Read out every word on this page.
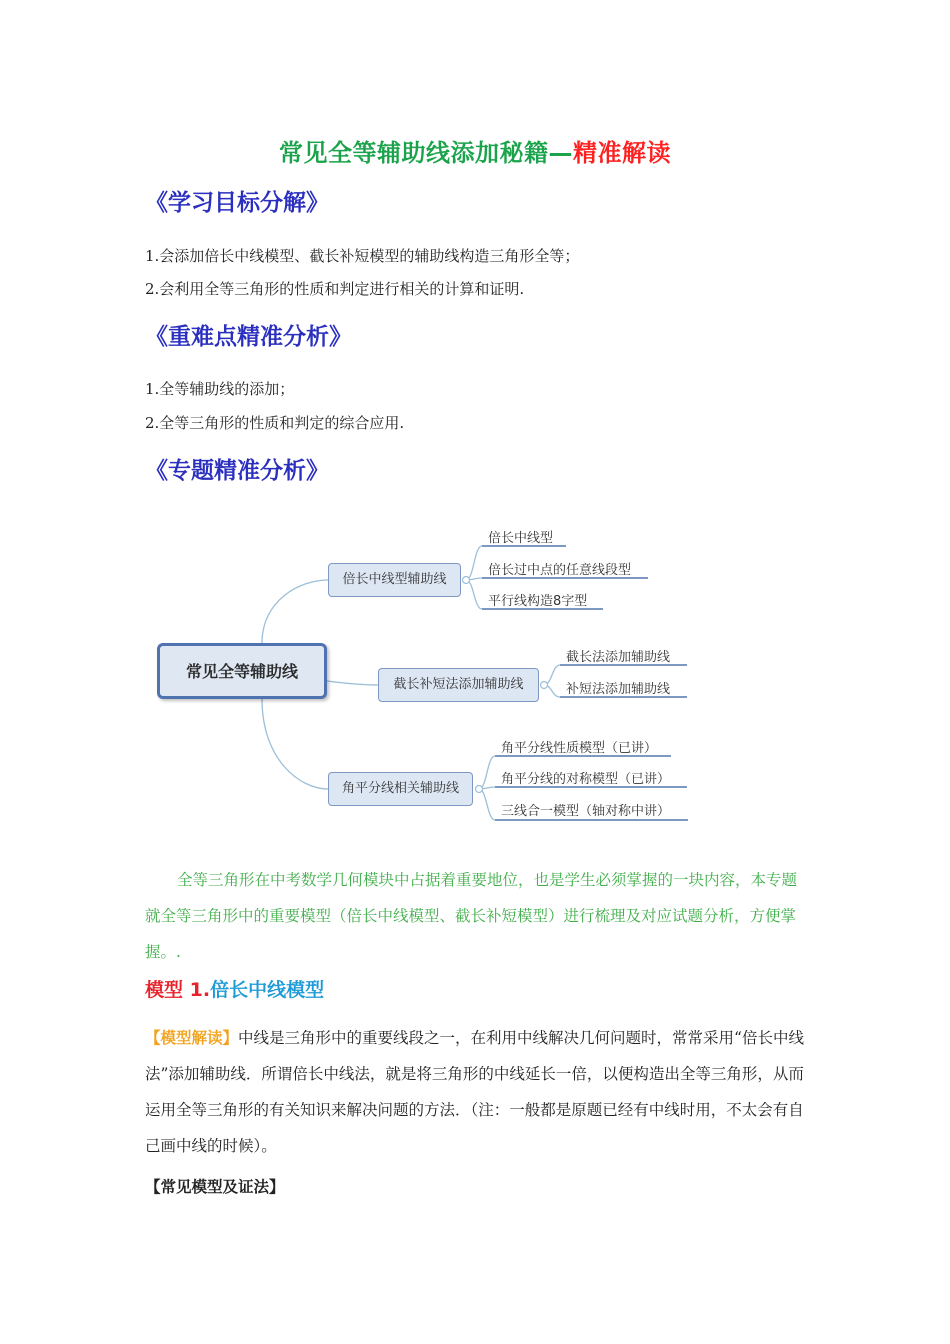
常见全等辅助线添加秘籍—精准解读
《学习目标分解》
1.会添加倍长中线模型、截长补短模型的辅助线构造三角形全等；
2.会利用全等三角形的性质和判定进行相关的计算和证明.
《重难点精准分析》
1.全等辅助线的添加；
2.全等三角形的性质和判定的综合应用.
《专题精准分析》
常见全等辅助线
倍长中线型辅助线
截长补短法添加辅助线
角平分线相关辅助线
倍长中线型
倍长过中点的任意线段型
平行线构造8字型
截长法添加辅助线
补短法添加辅助线
角平分线性质模型（已讲）
角平分线的对称模型（已讲）
三线合一模型（轴对称中讲）
全等三角形在中考数学几何模块中占据着重要地位，也是学生必须掌握的一块内容，本专题就全等三角形中的重要模型（倍长中线模型、截长补短模型）进行梳理及对应试题分析，方便掌握。.
模型 1.倍长中线模型
【模型解读】中线是三角形中的重要线段之一，在利用中线解决几何问题时，常常采用“倍长中线法”添加辅助线．所谓倍长中线法，就是将三角形的中线延长一倍，以便构造出全等三角形，从而运用全等三角形的有关知识来解决问题的方法．（注：一般都是原题已经有中线时用，不太会有自己画中线的时候）。
【常见模型及证法】
